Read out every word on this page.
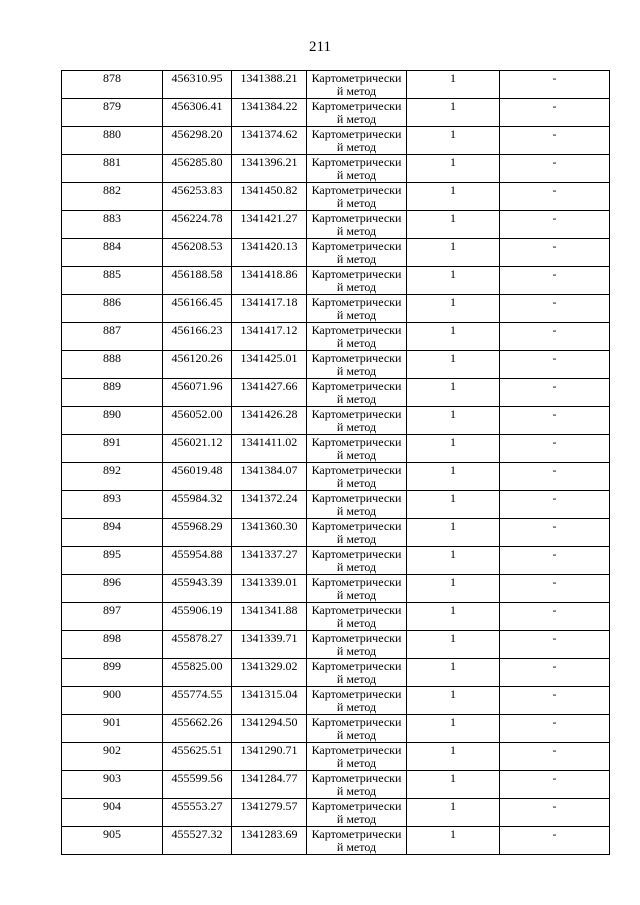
211
878	456310.95	1341388.21	Картометрически й метод	1	-
879	456306.41	1341384.22	Картометрически й метод	1	-
880	456298.20	1341374.62	Картометрически й метод	1	-
881	456285.80	1341396.21	Картометрически й метод	1	-
882	456253.83	1341450.82	Картометрически й метод	1	-
883	456224.78	1341421.27	Картометрически й метод	1	-
884	456208.53	1341420.13	Картометрически й метод	1	-
885	456188.58	1341418.86	Картометрически й метод	1	-
886	456166.45	1341417.18	Картометрически й метод	1	-
887	456166.23	1341417.12	Картометрически й метод	1	-
888	456120.26	1341425.01	Картометрически й метод	1	-
889	456071.96	1341427.66	Картометрически й метод	1	-
890	456052.00	1341426.28	Картометрически й метод	1	-
891	456021.12	1341411.02	Картометрически й метод	1	-
892	456019.48	1341384.07	Картометрически й метод	1	-
893	455984.32	1341372.24	Картометрически й метод	1	-
894	455968.29	1341360.30	Картометрически й метод	1	-
895	455954.88	1341337.27	Картометрически й метод	1	-
896	455943.39	1341339.01	Картометрически й метод	1	-
897	455906.19	1341341.88	Картометрически й метод	1	-
898	455878.27	1341339.71	Картометрически й метод	1	-
899	455825.00	1341329.02	Картометрически й метод	1	-
900	455774.55	1341315.04	Картометрически й метод	1	-
901	455662.26	1341294.50	Картометрически й метод	1	-
902	455625.51	1341290.71	Картометрически й метод	1	-
903	455599.56	1341284.77	Картометрически й метод	1	-
904	455553.27	1341279.57	Картометрически й метод	1	-
905	455527.32	1341283.69	Картометрически й метод	1	-
